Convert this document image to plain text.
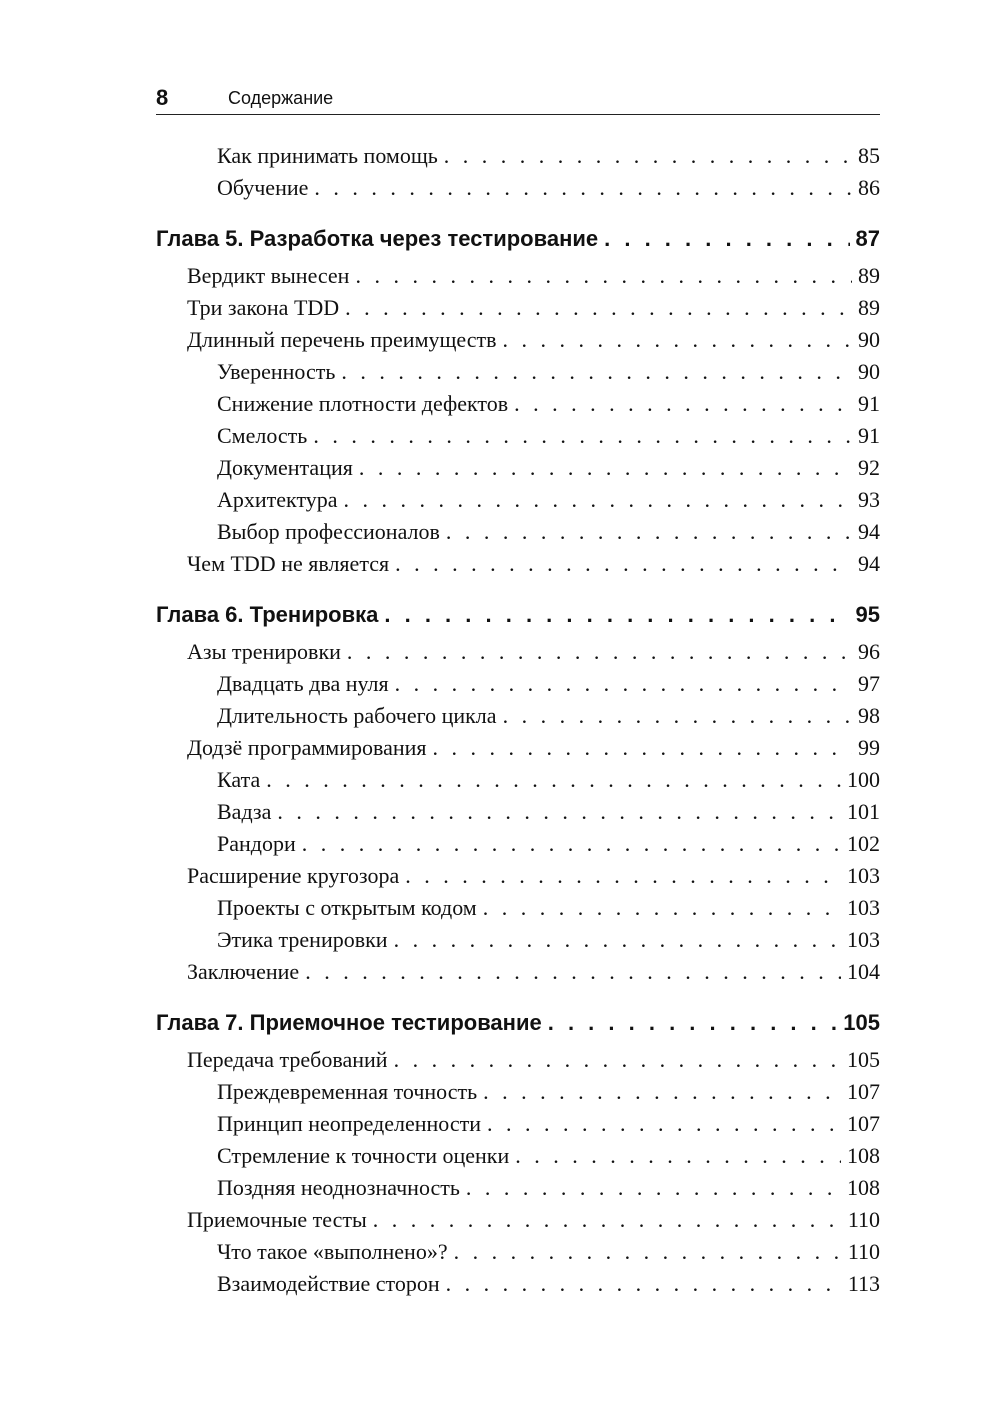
8	Содержание
Как принимать помощь . . .	85
Обучение . . .	86
Глава 5. Разработка через тестирование . . .	87
Вердикт вынесен . . .	89
Три закона TDD . . .	89
Длинный перечень преимуществ . . .	90
Уверенность . . .	90
Снижение плотности дефектов . . .	91
Смелость . . .	91
Документация . . .	92
Архитектура . . .	93
Выбор профессионалов . . .	94
Чем TDD не является . . .	94
Глава 6. Тренировка . . .	95
Азы тренировки . . .	96
Двадцать два нуля . . .	97
Длительность рабочего цикла . . .	98
Додзё программирования . . .	99
Ката . . .	100
Вадза . . .	101
Рандори . . .	102
Расширение кругозора . . .	103
Проекты с открытым кодом . . .	103
Этика тренировки . . .	103
Заключение . . .	104
Глава 7. Приемочное тестирование . . .	105
Передача требований . . .	105
Преждевременная точность . . .	107
Принцип неопределенности . . .	107
Стремление к точности оценки . . .	108
Поздняя неоднозначность . . .	108
Приемочные тесты . . .	110
Что такое «выполнено»? . . .	110
Взаимодействие сторон . . .	113
